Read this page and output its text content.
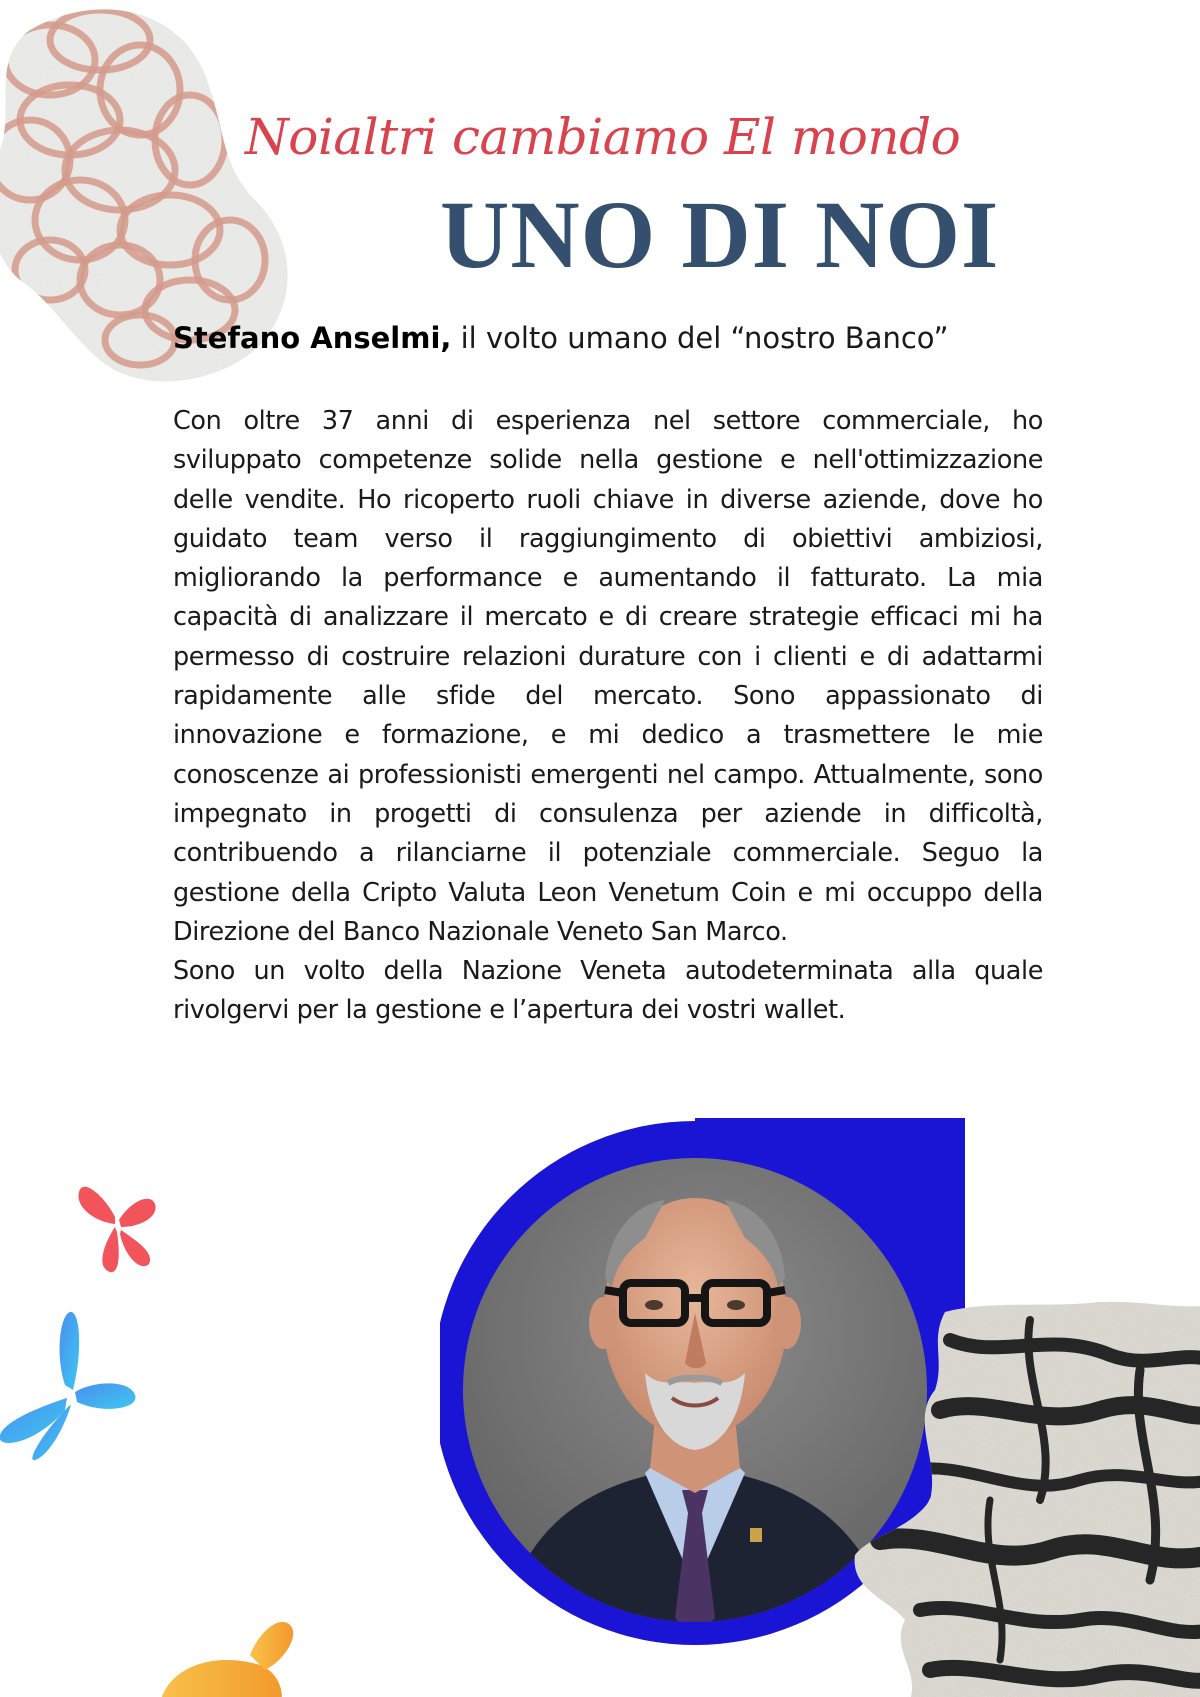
Noialtri cambiamo El mondo
UNO DI NOI
Stefano Anselmi, il volto umano del “nostro Banco”

Con oltre 37 anni di esperienza nel settore commerciale, ho sviluppato competenze solide nella gestione e nell'ottimizzazione delle vendite. Ho ricoperto ruoli chiave in diverse aziende, dove ho guidato team verso il raggiungimento di obiettivi ambiziosi, migliorando la performance e aumentando il fatturato. La mia capacità di analizzare il mercato e di creare strategie efficaci mi ha permesso di costruire relazioni durature con i clienti e di adattarmi rapidamente alle sfide del mercato. Sono appassionato di innovazione e formazione, e mi dedico a trasmettere le mie conoscenze ai professionisti emergenti nel campo. Attualmente, sono impegnato in progetti di consulenza per aziende in difficoltà, contribuendo a rilanciarne il potenziale commerciale. Seguo la gestione della Cripto Valuta Leon Venetum Coin e mi occuppo della Direzione del Banco Nazionale Veneto San Marco.

Sono un volto della Nazione Veneta autodeterminata alla quale rivolgervi per la gestione e l’apertura dei vostri wallet.
